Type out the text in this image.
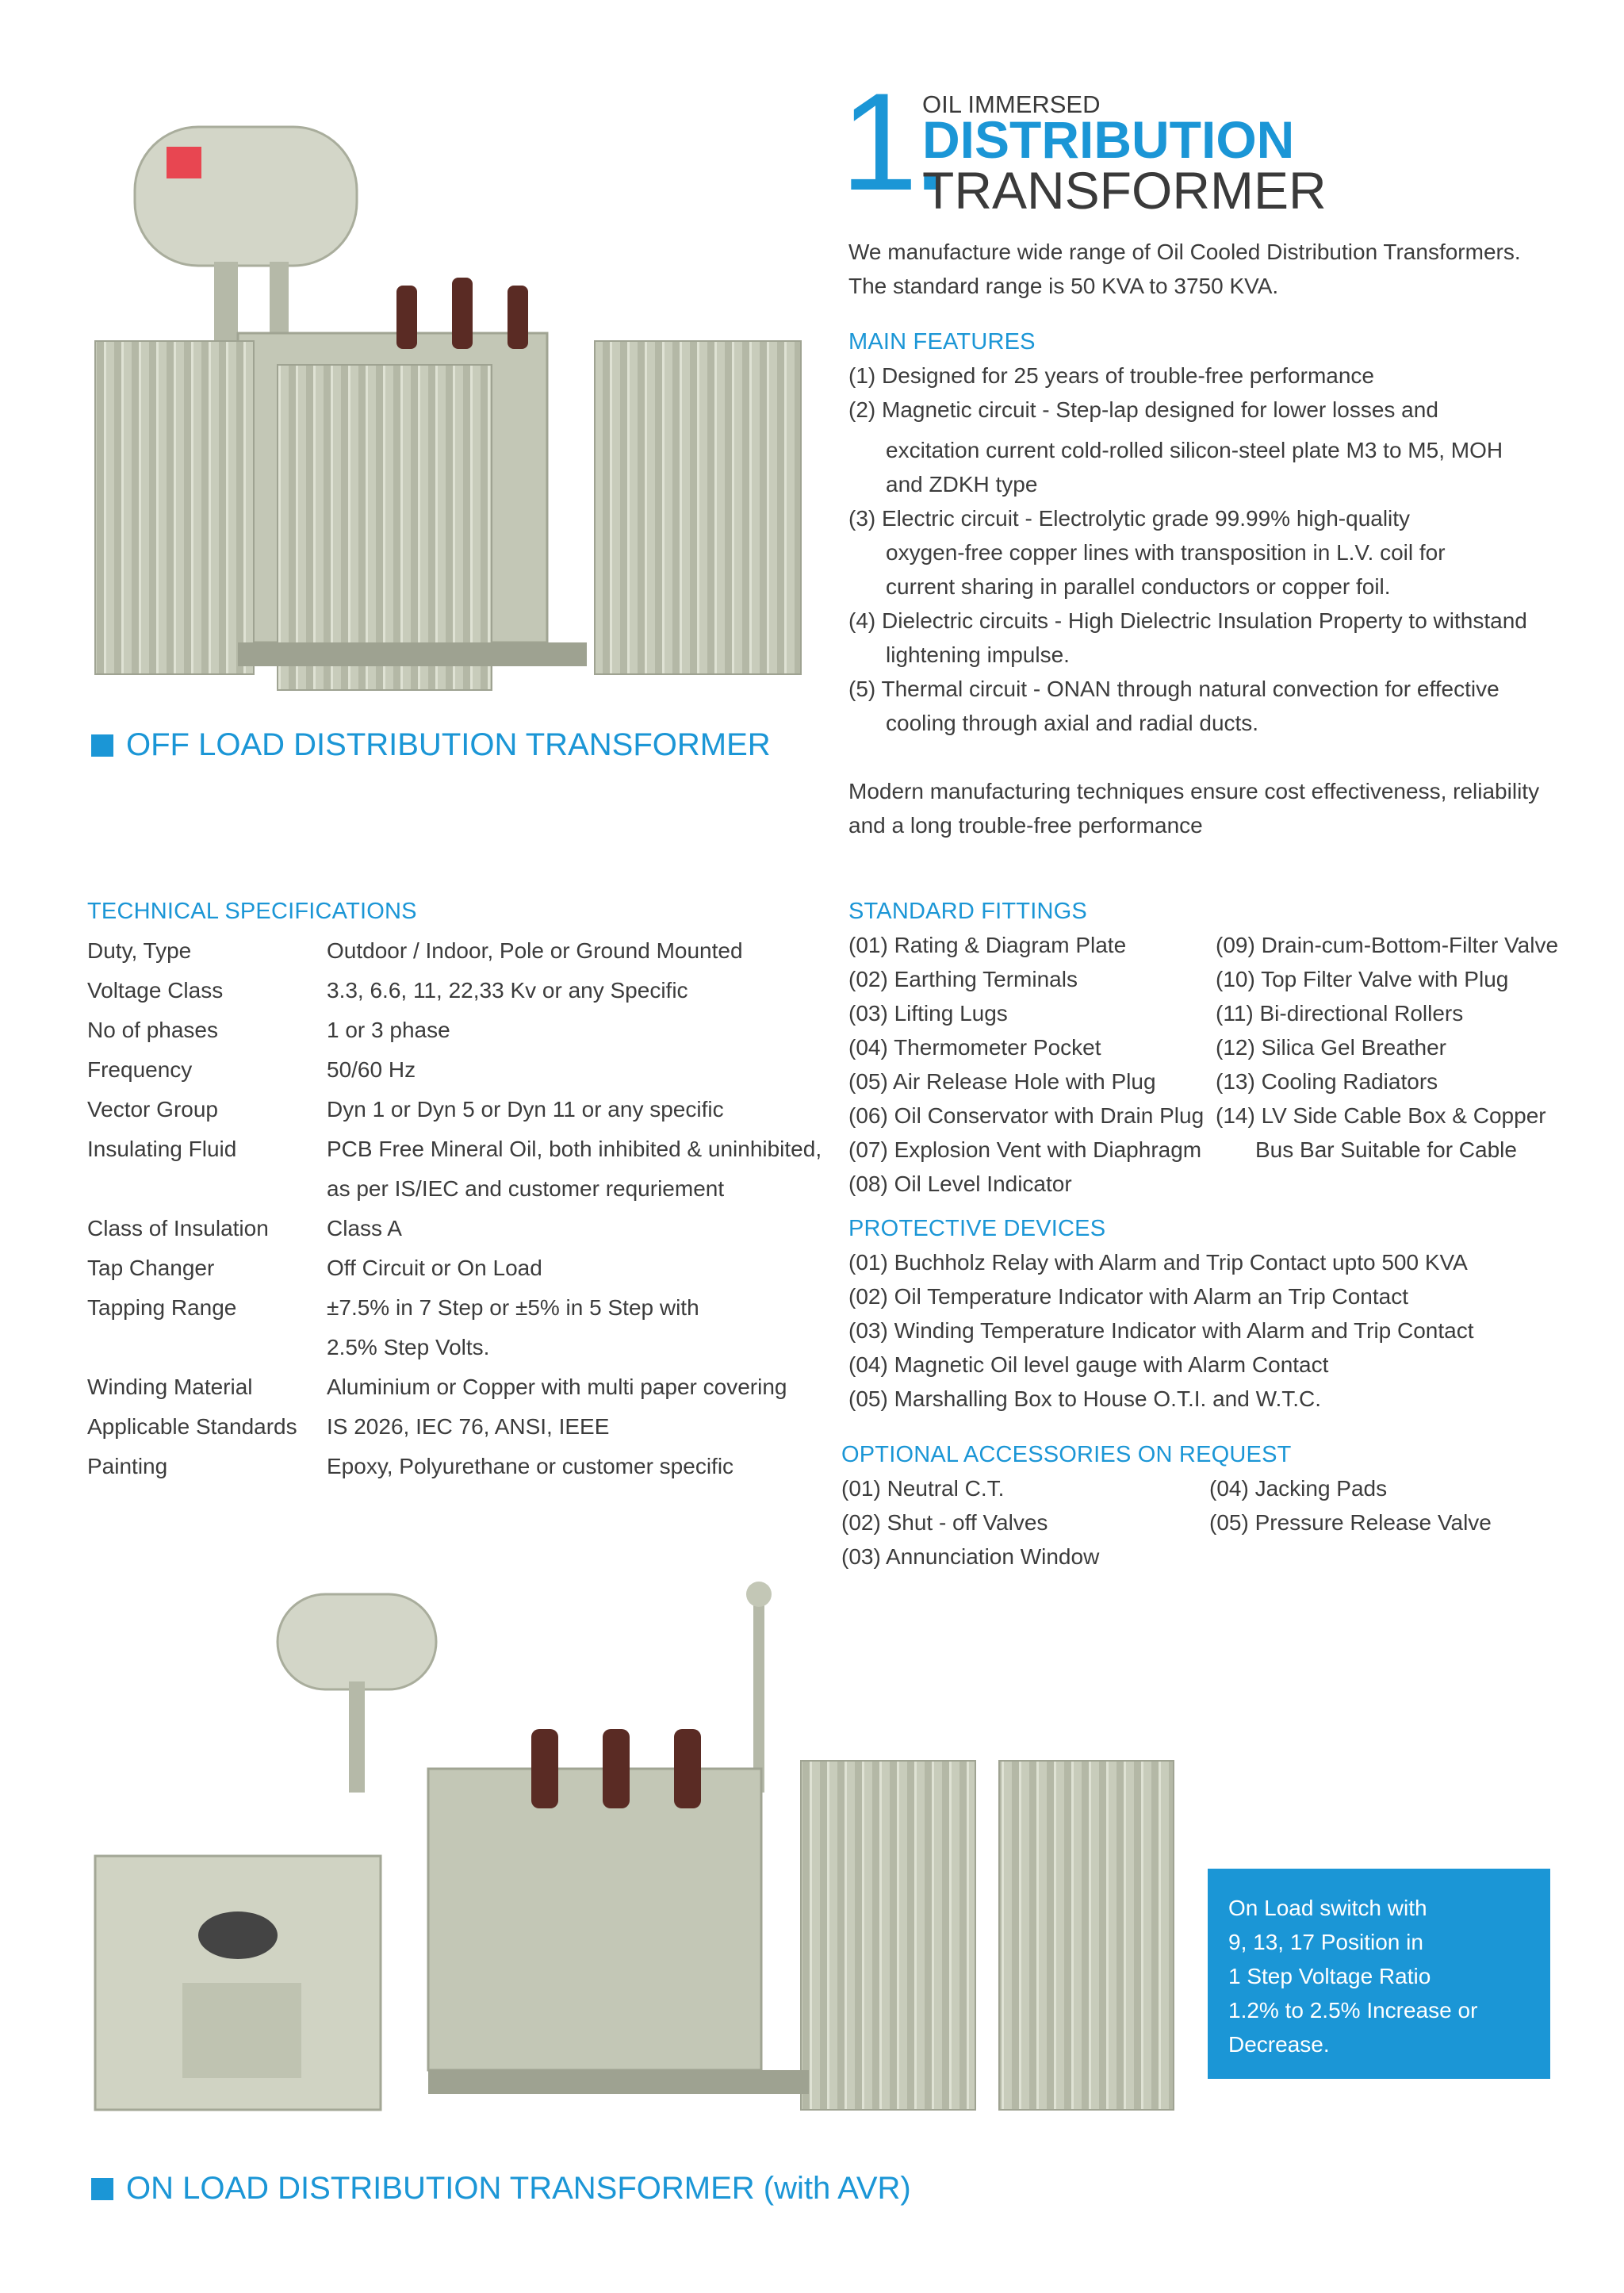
1.
OIL IMMERSED
DISTRIBUTION
TRANSFORMER
We manufacture wide range of Oil Cooled Distribution Transformers.
The standard range is 50 KVA to 3750 KVA.
MAIN FEATURES
(1) Designed for 25 years of trouble-free performance
(2) Magnetic circuit - Step-lap designed for lower losses and
excitation current cold-rolled silicon-steel plate M3 to M5, MOH
and ZDKH type
(3) Electric circuit - Electrolytic grade 99.99% high-quality
oxygen-free copper lines with transposition in L.V. coil for
current sharing in parallel conductors or copper foil.
(4) Dielectric circuits - High Dielectric Insulation Property to withstand
lightening impulse.
(5) Thermal circuit - ONAN through natural convection for effective
cooling through axial and radial ducts.
Modern manufacturing techniques ensure cost effectiveness, reliability
and a long trouble-free performance
OFF LOAD DISTRIBUTION TRANSFORMER
TECHNICAL SPECIFICATIONS
Duty, Type	Outdoor / Indoor, Pole or Ground Mounted
Voltage Class	3.3, 6.6, 11, 22,33 Kv or any Specific
No of phases	1 or 3 phase
Frequency	50/60 Hz
Vector Group	Dyn 1 or Dyn 5 or Dyn 11 or any specific
Insulating Fluid	PCB Free Mineral Oil, both inhibited & uninhibited,
as per IS/IEC and customer requriement
Class of Insulation	Class A
Tap Changer	Off Circuit or On Load
Tapping Range	±7.5% in 7 Step or ±5% in 5 Step with
2.5% Step Volts.
Winding Material	Aluminium or Copper with multi paper covering
Applicable Standards IS 2026, IEC 76, ANSI, IEEE
Painting	Epoxy, Polyurethane or customer specific
STANDARD FITTINGS
(01) Rating & Diagram Plate
(02) Earthing Terminals
(03) Lifting Lugs
(04) Thermometer Pocket
(05) Air Release Hole with Plug
(06) Oil Conservator with Drain Plug
(07) Explosion Vent with Diaphragm
(08) Oil Level Indicator
(09) Drain-cum-Bottom-Filter Valve
(10) Top Filter Valve with Plug
(11) Bi-directional Rollers
(12) Silica Gel Breather
(13) Cooling Radiators
(14) LV Side Cable Box & Copper
Bus Bar Suitable for Cable
PROTECTIVE DEVICES
(01) Buchholz Relay with Alarm and Trip Contact upto 500 KVA
(02) Oil Temperature Indicator with Alarm an Trip Contact
(03) Winding Temperature Indicator with Alarm and Trip Contact
(04) Magnetic Oil level gauge with Alarm Contact
(05) Marshalling Box to House O.T.I. and W.T.C.
OPTIONAL ACCESSORIES ON REQUEST
(01) Neutral C.T.
(02) Shut - off Valves
(03) Annunciation Window
(04) Jacking Pads
(05) Pressure Release Valve
On Load switch with
9, 13, 17 Position in
1 Step Voltage Ratio
1.2% to 2.5% Increase or
Decrease.
ON LOAD DISTRIBUTION TRANSFORMER (with AVR)
